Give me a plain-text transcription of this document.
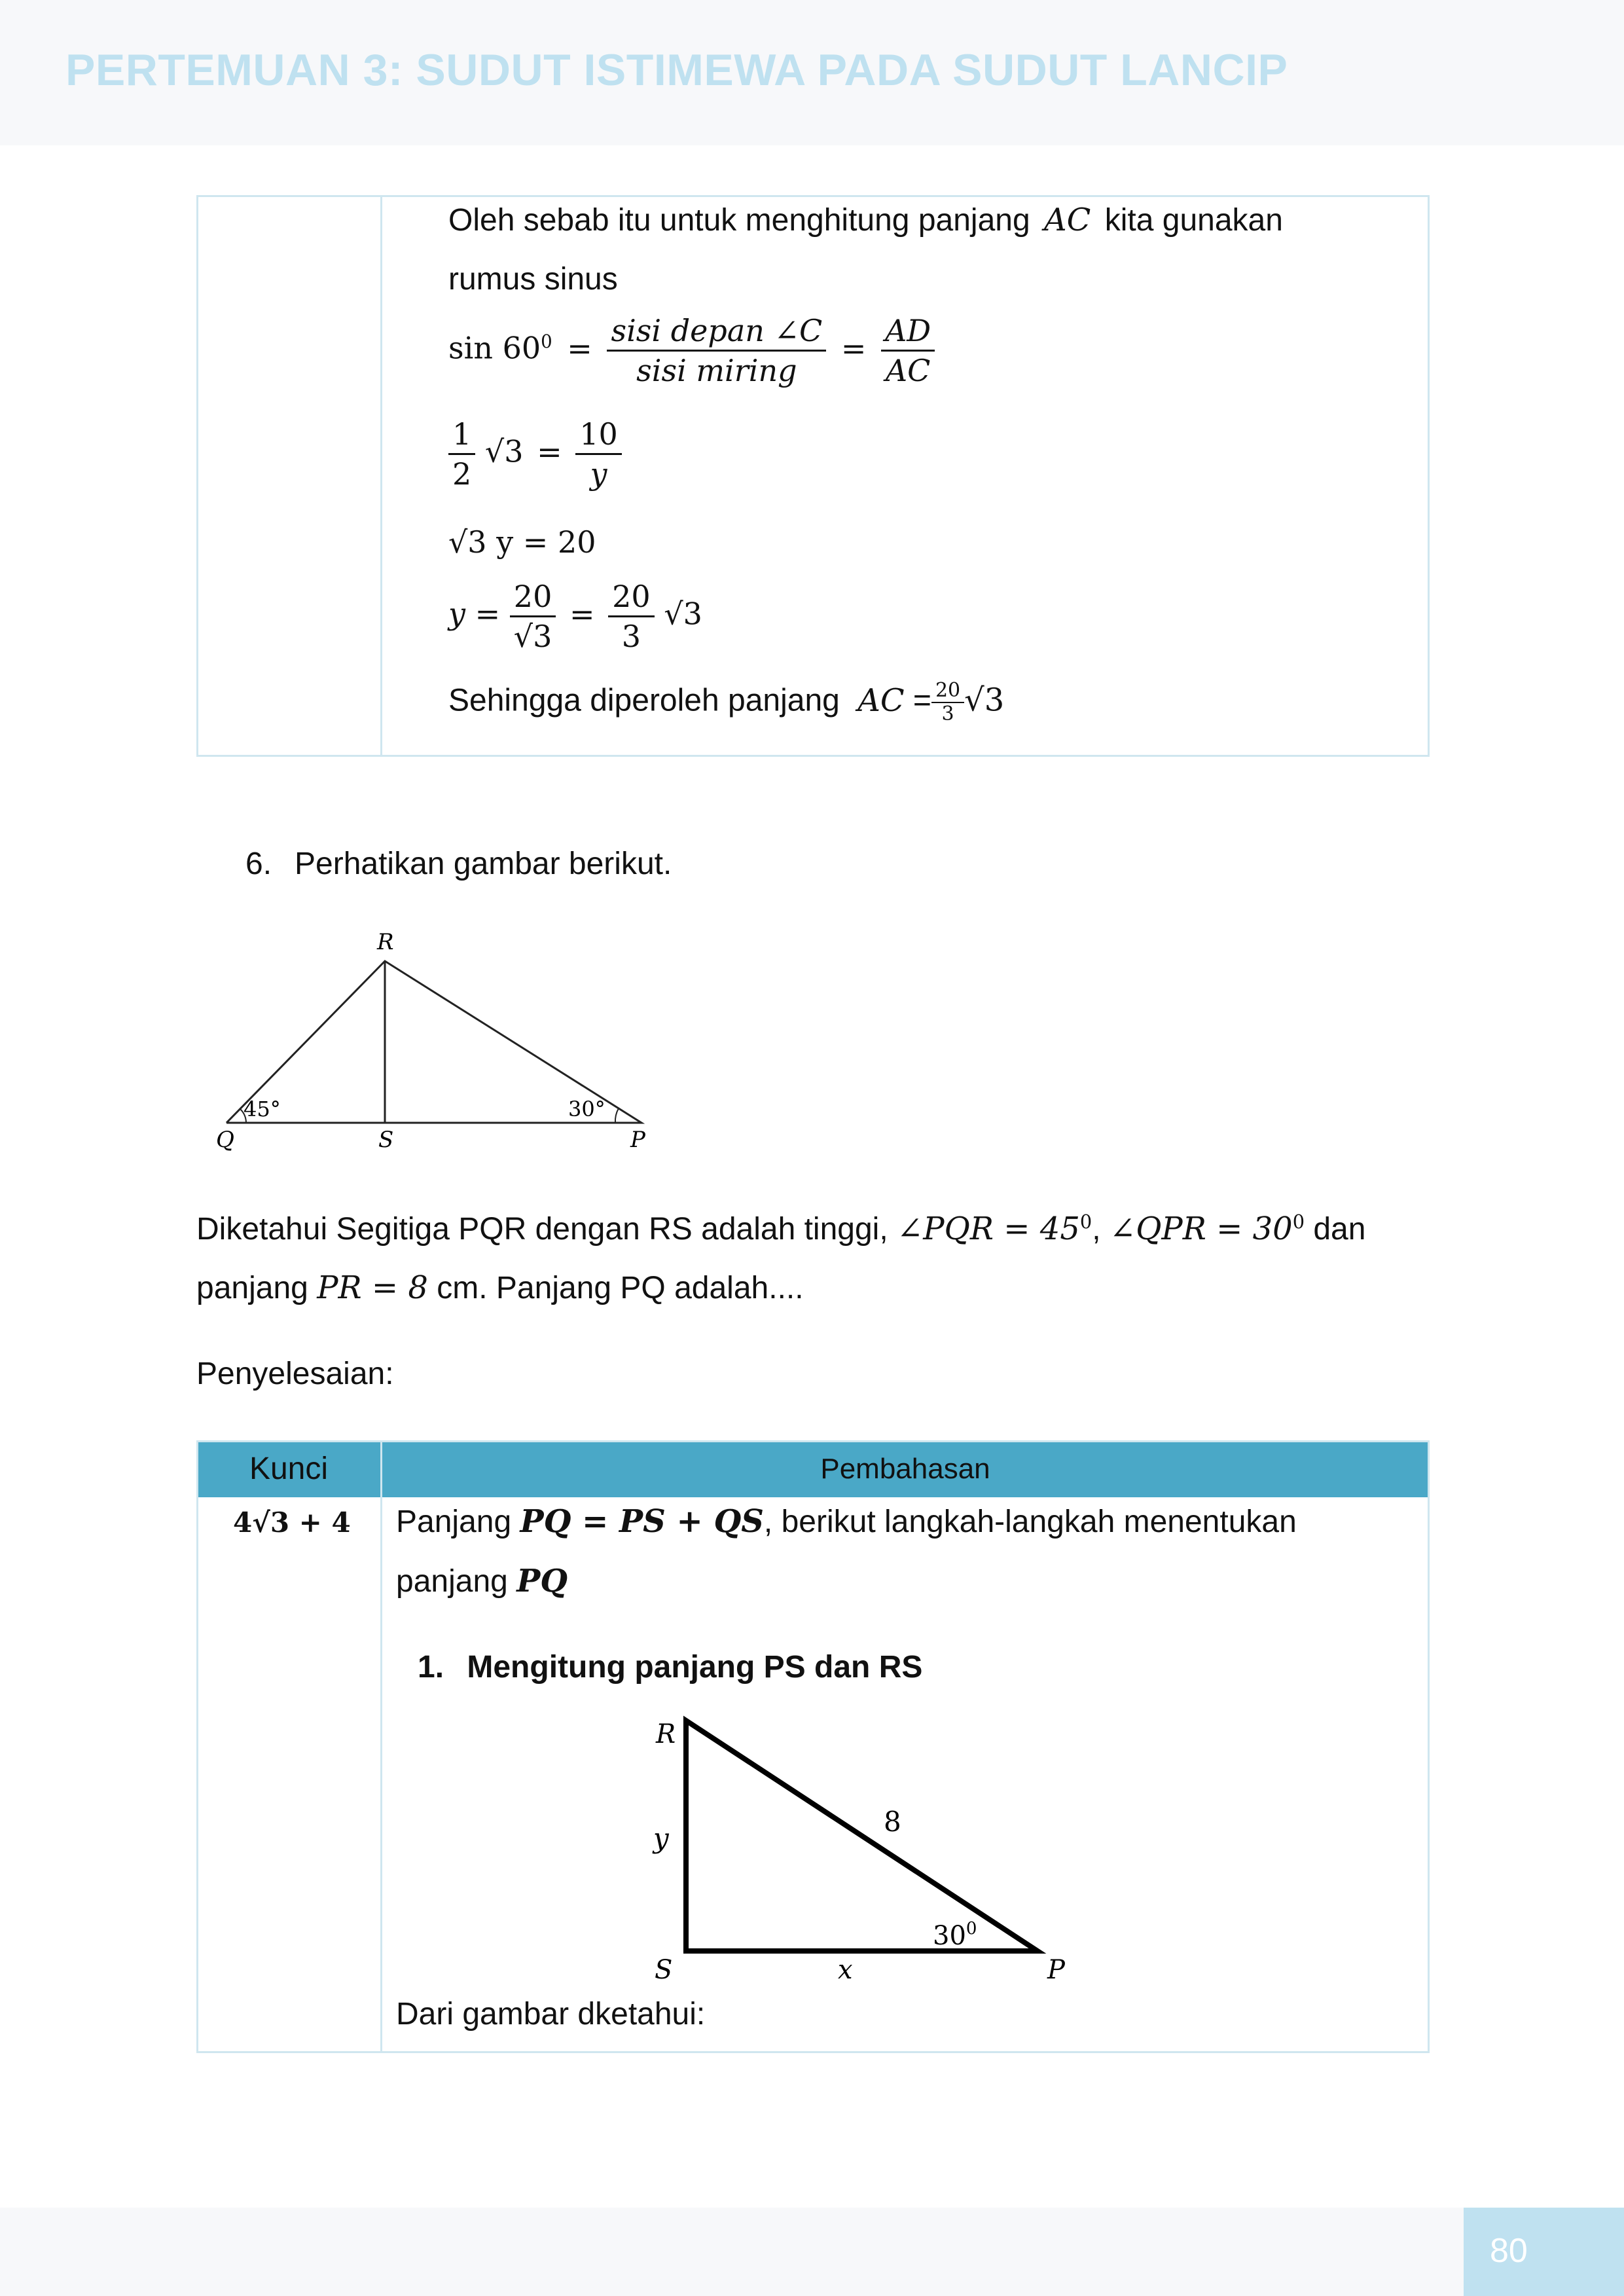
PERTEMUAN 3: SUDUT ISTIMEWA PADA SUDUT LANCIP
Oleh sebab itu untuk menghitung panjang AC kita gunakan
rumus sinus
$\sin 60^0 = \frac{\text{sisi depan ∠C}}{\text{sisi miring}} = \frac{AD}{AC}$
$\frac{1}{2} √3 = \frac{10}{y}$
√3 y = 20
$y = \frac{20}{√3} = \frac{20}{3} √3$
Sehingga diperoleh panjang AC = $\frac{20}{3} √3$
6. Perhatikan gambar berikut.
R
Q	S	P
45°	30°
Diketahui Segitiga PQR dengan RS adalah tinggi, ∠PQR = $45^0$, ∠QPR = $30^0$ dan
panjang PR = 8 cm. Panjang PQ adalah....
Penyelesaian:
Kunci	Pembahasan
4√3 + 4 Panjang PQ = PS + QS, berikut langkah-langkah menentukan
panjang PQ
1. Mengitung panjang PS dan RS
R
y
8
$30^0$
S	x	P
Dari gambar dketahui:
80
